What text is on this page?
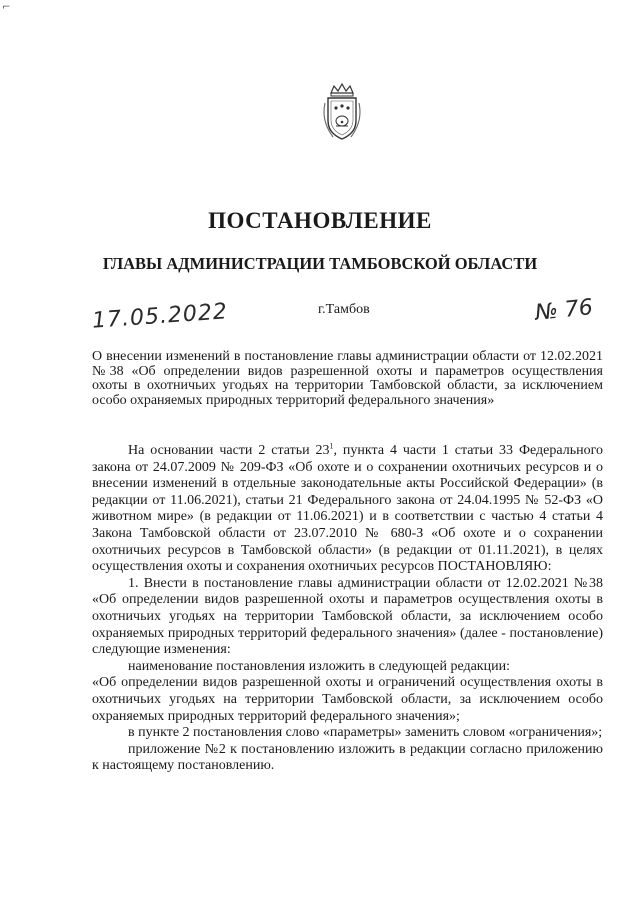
⌐
ПОСТАНОВЛЕНИЕ
ГЛАВЫ АДМИНИСТРАЦИИ ТАМБОВСКОЙ ОБЛАСТИ
17.05.2022	г.Тамбов	№ 76
О внесении изменений в постановление главы администрации области от 12.02.2021 №38 «Об определении видов разрешенной охоты и параметров осуществления охоты в охотничьих угодьях на территории Тамбовской области, за исключением особо охраняемых природных территорий федерального значения»

На основании части 2 статьи $23^1$, пункта 4 части 1 статьи 33 Федерального закона от 24.07.2009 № 209-ФЗ «Об охоте и о сохранении охотничьих ресурсов и о внесении изменений в отдельные законодательные акты Российской Федерации» (в редакции от 11.06.2021), статьи 21 Федерального закона от 24.04.1995 № 52-ФЗ «О животном мире» (в редакции от 11.06.2021) и в соответствии с частью 4 статьи 4 Закона Тамбовской области от 23.07.2010 № 680-З «Об охоте и о сохранении охотничьих ресурсов в Тамбовской области» (в редакции от 01.11.2021), в целях осуществления охоты и сохранения охотничьих ресурсов ПОСТАНОВЛЯЮ:

1. Внести в постановление главы администрации области от 12.02.2021 №38 «Об определении видов разрешенной охоты и параметров осуществления охоты в охотничьих угодьях на территории Тамбовской области, за исключением особо охраняемых природных территорий федерального значения» (далее - постановление) следующие изменения:

наименование постановления изложить в следующей редакции:

«Об определении видов разрешенной охоты и ограничений осуществления охоты в охотничьих угодьях на территории Тамбовской области, за исключением особо охраняемых природных территорий федерального значения»;

в пункте 2 постановления слово «параметры» заменить словом «ограничения»;

приложение №2 к постановлению изложить в редакции согласно приложению к настоящему постановлению.
